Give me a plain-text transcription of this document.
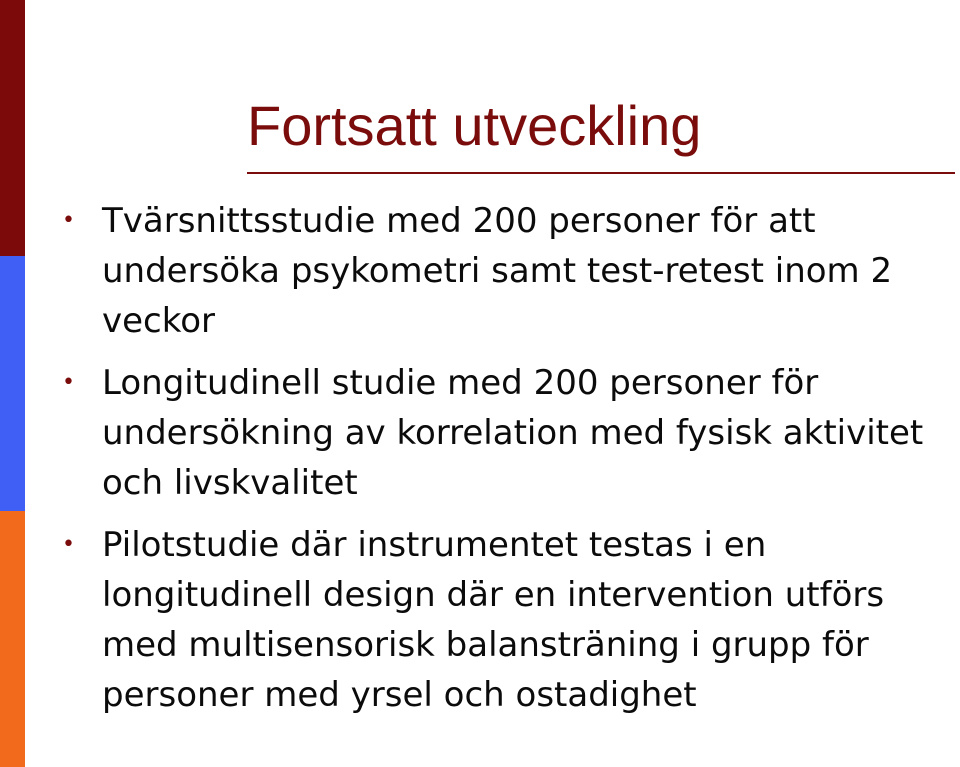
Fortsatt utveckling
• Tvärsnittsstudie med 200 personer för att undersöka psykometri samt test-retest inom 2 veckor
• Longitudinell studie med 200 personer för undersökning av korrelation med fysisk aktivitet och livskvalitet
• Pilotstudie där instrumentet testas i en longitudinell design där en intervention utförs med multisensorisk balansträning i grupp för personer med yrsel och ostadighet
